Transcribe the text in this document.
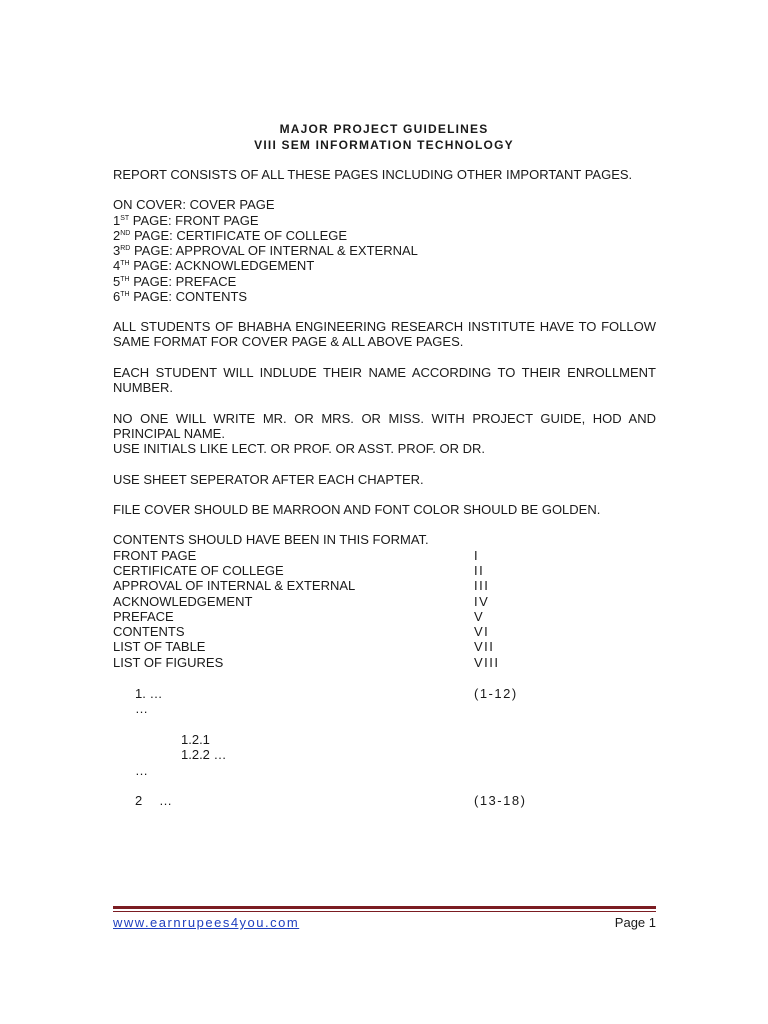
MAJOR PROJECT GUIDELINES
VIII SEM INFORMATION TECHNOLOGY
REPORT CONSISTS OF ALL THESE PAGES INCLUDING OTHER IMPORTANT PAGES.
ON COVER: COVER PAGE
1ST PAGE: FRONT PAGE
2ND PAGE: CERTIFICATE OF COLLEGE
3RD PAGE: APPROVAL OF INTERNAL & EXTERNAL
4TH PAGE: ACKNOWLEDGEMENT
5TH PAGE: PREFACE
6TH PAGE: CONTENTS
ALL STUDENTS OF BHABHA ENGINEERING RESEARCH INSTITUTE HAVE TO FOLLOW
SAME FORMAT FOR COVER PAGE & ALL ABOVE PAGES.
EACH STUDENT WILL INDLUDE THEIR NAME ACCORDING TO THEIR ENROLLMENT
NUMBER.
NO ONE WILL WRITE MR. OR MRS. OR MISS. WITH PROJECT GUIDE, HOD AND
PRINCIPAL NAME.
USE INITIALS LIKE LECT. OR PROF. OR ASST. PROF. OR DR.
USE SHEET SEPERATOR AFTER EACH CHAPTER.
FILE COVER SHOULD BE MARROON AND FONT COLOR SHOULD BE GOLDEN.
CONTENTS SHOULD HAVE BEEN IN THIS FORMAT.
FRONT PAGE	I
CERTIFICATE OF COLLEGE	II
APPROVAL OF INTERNAL & EXTERNAL	III
ACKNOWLEDGEMENT	IV
PREFACE	V
CONTENTS	VI
LIST OF TABLE	VII
LIST OF FIGURES	VIII
1. …	(1-12)
…
1.2.1
1.2.2 …
…
2 …	(13-18)
www.earnrupees4you.com	Page 1
